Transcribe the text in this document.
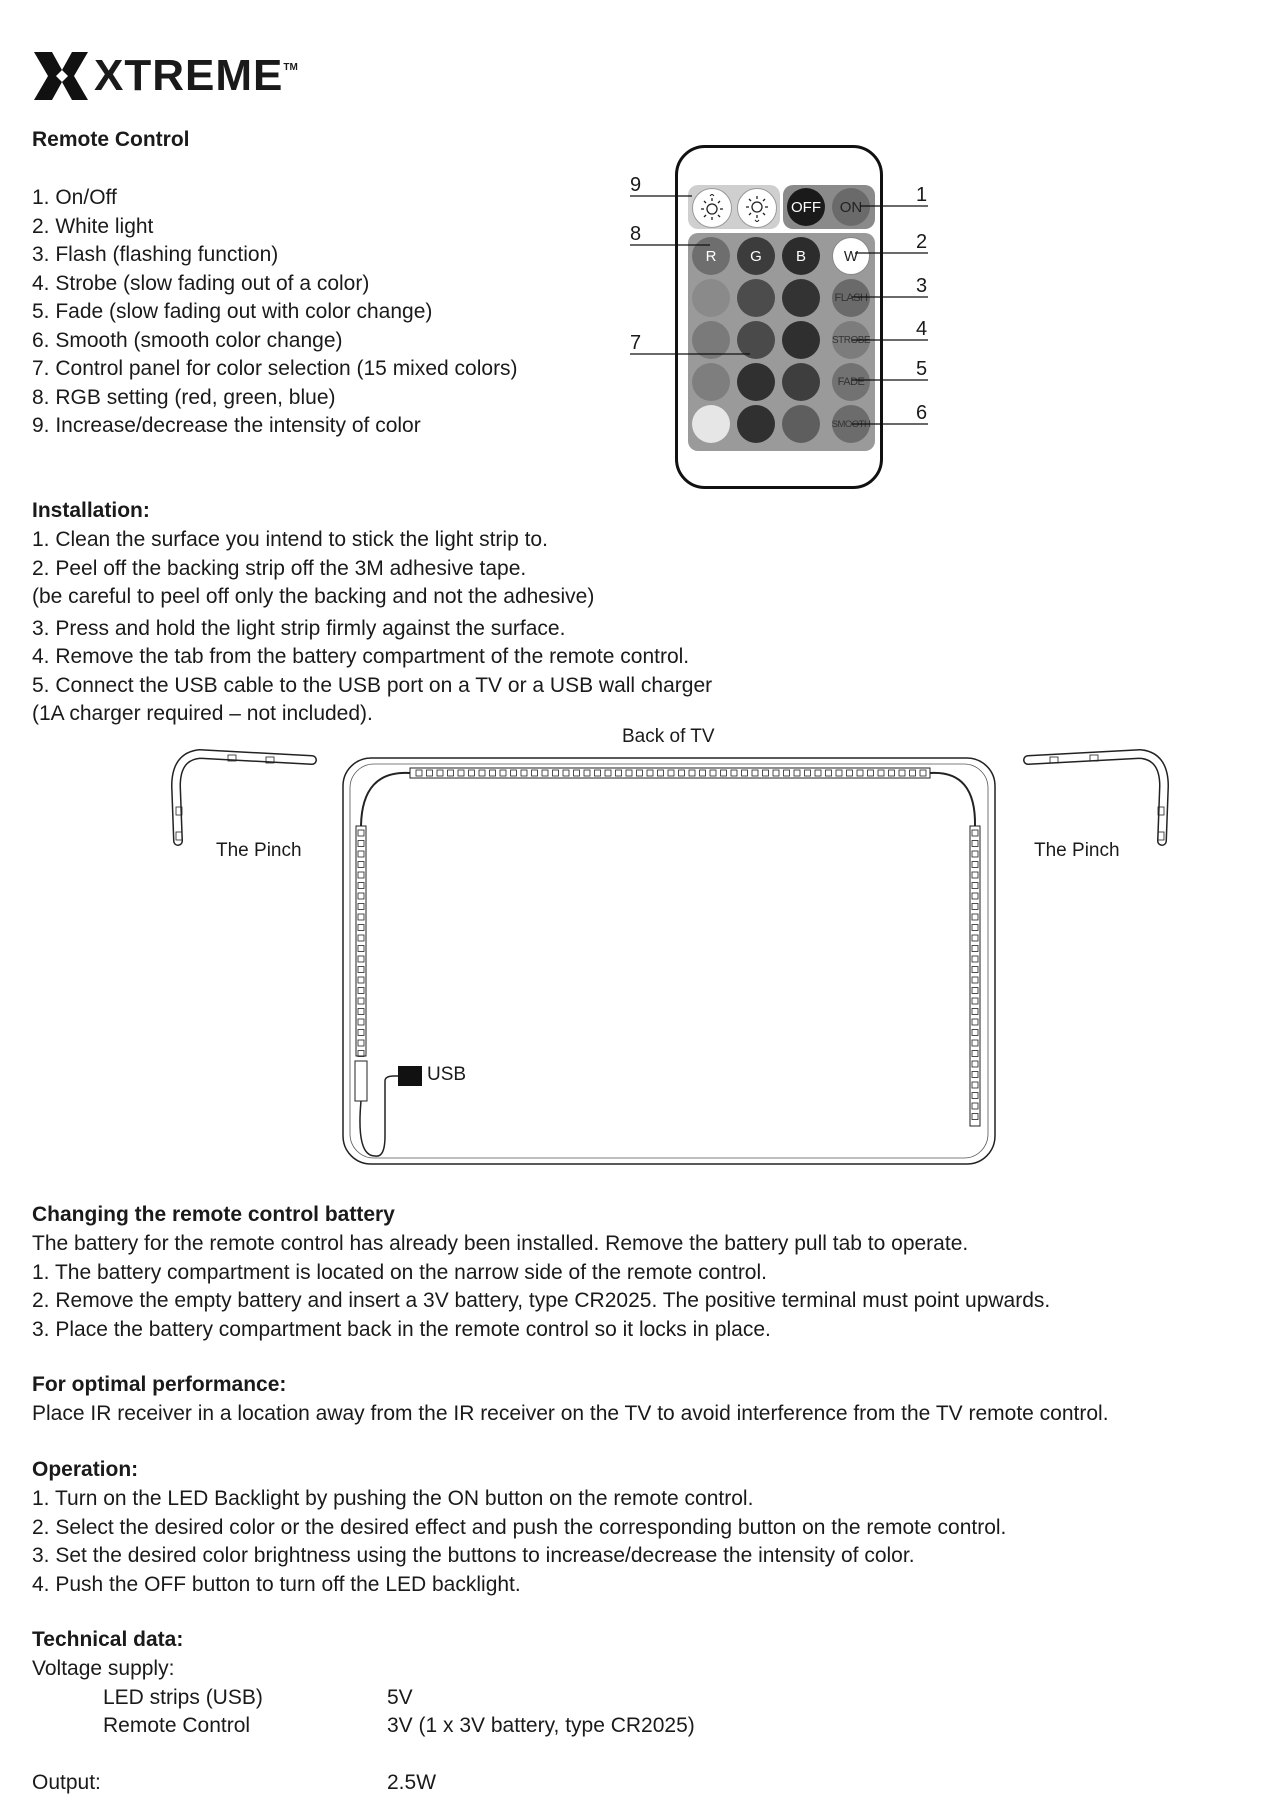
XTREME TM
Remote Control
1. On/Off
2. White light
3. Flash (flashing function)
4. Strobe (slow fading out of a color)
5. Fade (slow fading out with color change)
6. Smooth (smooth color change)
7. Control panel for color selection (15 mixed colors)
8. RGB setting (red, green, blue)
9. Increase/decrease the intensity of color
OFF	ON
R	G	B	W
FLASH
STROBE
FADE
SMOOTH
1
2
3
4
5
6
7
8
9
Installation:
1. Clean the surface you intend to stick the light strip to.
2. Peel off the backing strip off the 3M adhesive tape.
(be careful to peel off only the backing and not the adhesive)
3. Press and hold the light strip firmly against the surface.
4. Remove the tab from the battery compartment of the remote control.
5. Connect the USB cable to the USB port on a TV or a USB wall charger
(1A charger required – not included).
Back of TV
The Pinch	The Pinch
USB
Changing the remote control battery
The battery for the remote control has already been installed. Remove the battery pull tab to operate.
1. The battery compartment is located on the narrow side of the remote control.
2. Remove the empty battery and insert a 3V battery, type CR2025. The positive terminal must point upwards.
3. Place the battery compartment back in the remote control so it locks in place.
For optimal performance:
Place IR receiver in a location away from the IR receiver on the TV to avoid interference from the TV remote control.
Operation:
1. Turn on the LED Backlight by pushing the ON button on the remote control.
2. Select the desired color or the desired effect and push the corresponding button on the remote control.
3. Set the desired color brightness using the buttons to increase/decrease the intensity of color.
4. Push the OFF button to turn off the LED backlight.
Technical data:
Voltage supply:
LED strips (USB)	5V
Remote Control	3V (1 x 3V battery, type CR2025)
Output:	2.5W
